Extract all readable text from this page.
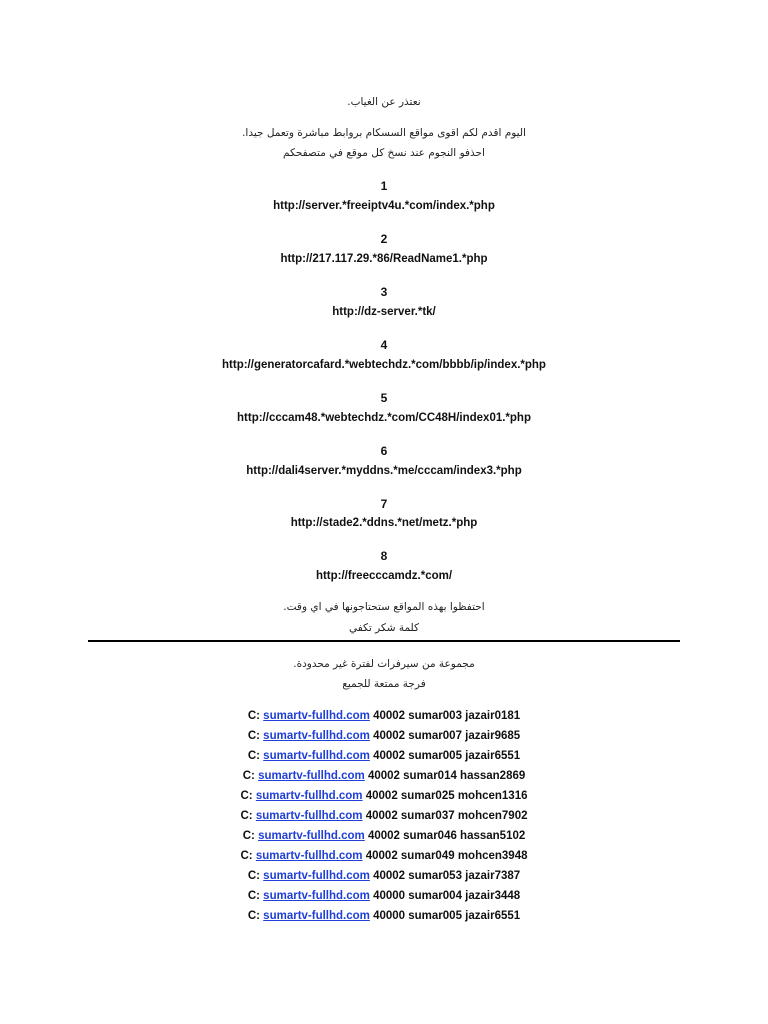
نعتذر عن الغياب.
اليوم اقدم لكم اقوى مواقع السسكام بروابط مباشرة وتعمل جيدا.
احذفو النجوم عند نسخ كل موقع في متصفحكم
1
http://server.*freeiptv4u.*com/index.*php
2
http://217.117.29.*86/ReadName1.*php
3
http://dz-server.*tk/
4
http://generatorcafard.*webtechdz.*com/bbbb/ip/index.*php
5
http://cccam48.*webtechdz.*com/CC48H/index01.*php
6
http://dali4server.*myddns.*me/cccam/index3.*php
7
http://stade2.*ddns.*net/metz.*php
8
http://freecccamdz.*com/
احتفظوا بهذه المواقع ستحتاجونها في اي وقت.
كلمة شكر تكفي
مجموعة من سيرفرات لفترة غير محدودة.
فرجة ممتعة للجميع
C: sumartv-fullhd.com 40002 sumar003 jazair0181
C: sumartv-fullhd.com 40002 sumar007 jazair9685
C: sumartv-fullhd.com 40002 sumar005 jazair6551
C: sumartv-fullhd.com 40002 sumar014 hassan2869
C: sumartv-fullhd.com 40002 sumar025 mohcen1316
C: sumartv-fullhd.com 40002 sumar037 mohcen7902
C: sumartv-fullhd.com 40002 sumar046 hassan5102
C: sumartv-fullhd.com 40002 sumar049 mohcen3948
C: sumartv-fullhd.com 40002 sumar053 jazair7387
C: sumartv-fullhd.com 40000 sumar004 jazair3448
C: sumartv-fullhd.com 40000 sumar005 jazair6551
